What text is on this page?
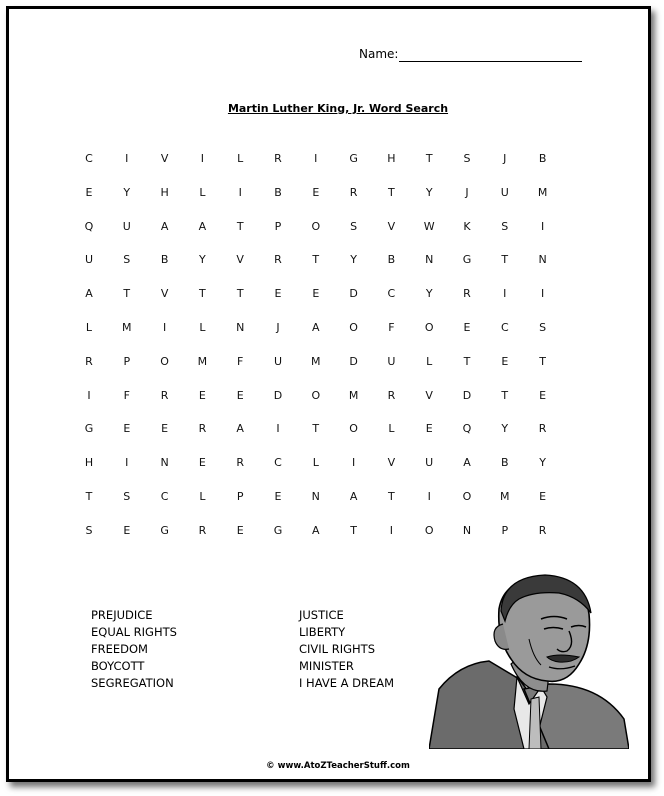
Name:
Martin Luther King, Jr. Word Search
C	I	V	I	L	R	I	G	H	T	S	J	B
E	Y	H	L	I	B	E	R	T	Y	J	U	M
Q	U	A	A	T	P	O	S	V	W	K	S	I
U	S	B	Y	V	R	T	Y	B	N	G	T	N
A	T	V	T	T	E	E	D	C	Y	R	I	I
L	M	I	L	N	J	A	O	F	O	E	C	S
R	P	O	M	F	U	M	D	U	L	T	E	T
I	F	R	E	E	D	O	M	R	V	D	T	E
G	E	E	R	A	I	T	O	L	E	Q	Y	R
H	I	N	E	R	C	L	I	V	U	A	B	Y
T	S	C	L	P	E	N	A	T	I	O	M	E
S	E	G	R	E	G	A	T	I	O	N	P	R
PREJUDICE
EQUAL RIGHTS
FREEDOM
BOYCOTT
SEGREGATION
JUSTICE
LIBERTY
CIVIL RIGHTS
MINISTER
I HAVE A DREAM
© www.AtoZTeacherStuff.com
